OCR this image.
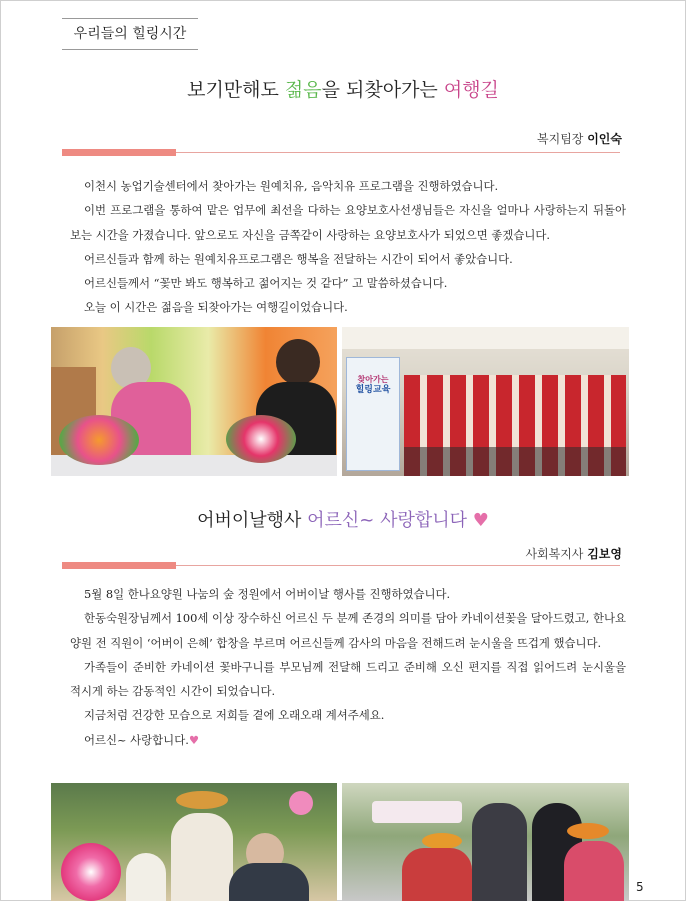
우리들의 힐링시간
보기만해도 젊음을 되찾아가는 여행길
복지팀장 이인숙

이천시 농업기술센터에서 찾아가는 원예치유, 음악치유 프로그램을 진행하였습니다.

이번 프로그램을 통하여 맡은 업무에 최선을 다하는 요양보호사선생님들은 자신을 얼마나 사랑하는지 뒤돌아보는 시간을 가졌습니다. 앞으로도 자신을 금쪽같이 사랑하는 요양보호사가 되었으면 좋겠습니다.

어르신들과 함께 하는 원예치유프로그램은 행복을 전달하는 시간이 되어서 좋았습니다.

어르신들께서 “꽃만 봐도 행복하고 젊어지는 것 같다” 고 말씀하셨습니다.

오늘 이 시간은 젊음을 되찾아가는 여행길이었습니다.

찾아가는
힐링교육
어버이날행사 어르신~ 사랑합니다 ♥
사회복지사 김보영

5월 8일 한나요양원 나눔의 숲 정원에서 어버이날 행사를 진행하였습니다.

한동숙원장님께서 100세 이상 장수하신 어르신 두 분께 존경의 의미를 담아 카네이션꽃을 달아드렸고, 한나요양원 전 직원이 ‘어버이 은혜’ 합창을 부르며 어르신들께 감사의 마음을 전해드려 눈시울을 뜨겁게 했습니다.

가족들이 준비한 카네이션 꽃바구니를 부모님께 전달해 드리고 준비해 오신 편지를 직접 읽어드려 눈시울을 적시게 하는 감동적인 시간이 되었습니다.

지금처럼 건강한 모습으로 저희들 곁에 오래오래 계셔주세요.

어르신~ 사랑합니다.♥

5
